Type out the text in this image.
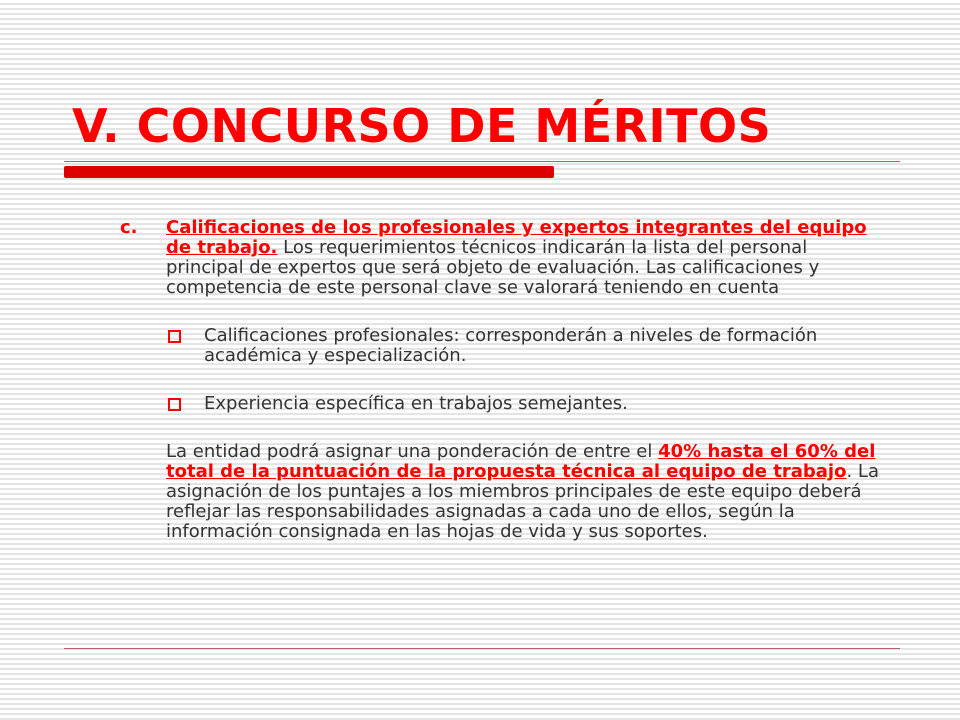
V. CONCURSO DE MÉRITOS
c. Calificaciones de los profesionales y expertos integrantes del equipo de trabajo. Los requerimientos técnicos indicarán la lista del personal principal de expertos que será objeto de evaluación. Las calificaciones y competencia de este personal clave se valorará teniendo en cuenta
Calificaciones profesionales: corresponderán a niveles de formación académica y especialización.
Experiencia específica en trabajos semejantes.
La entidad podrá asignar una ponderación de entre el 40% hasta el 60% del total de la puntuación de la propuesta técnica al equipo de trabajo. La asignación de los puntajes a los miembros principales de este equipo deberá reflejar las responsabilidades asignadas a cada uno de ellos, según la información consignada en las hojas de vida y sus soportes.
